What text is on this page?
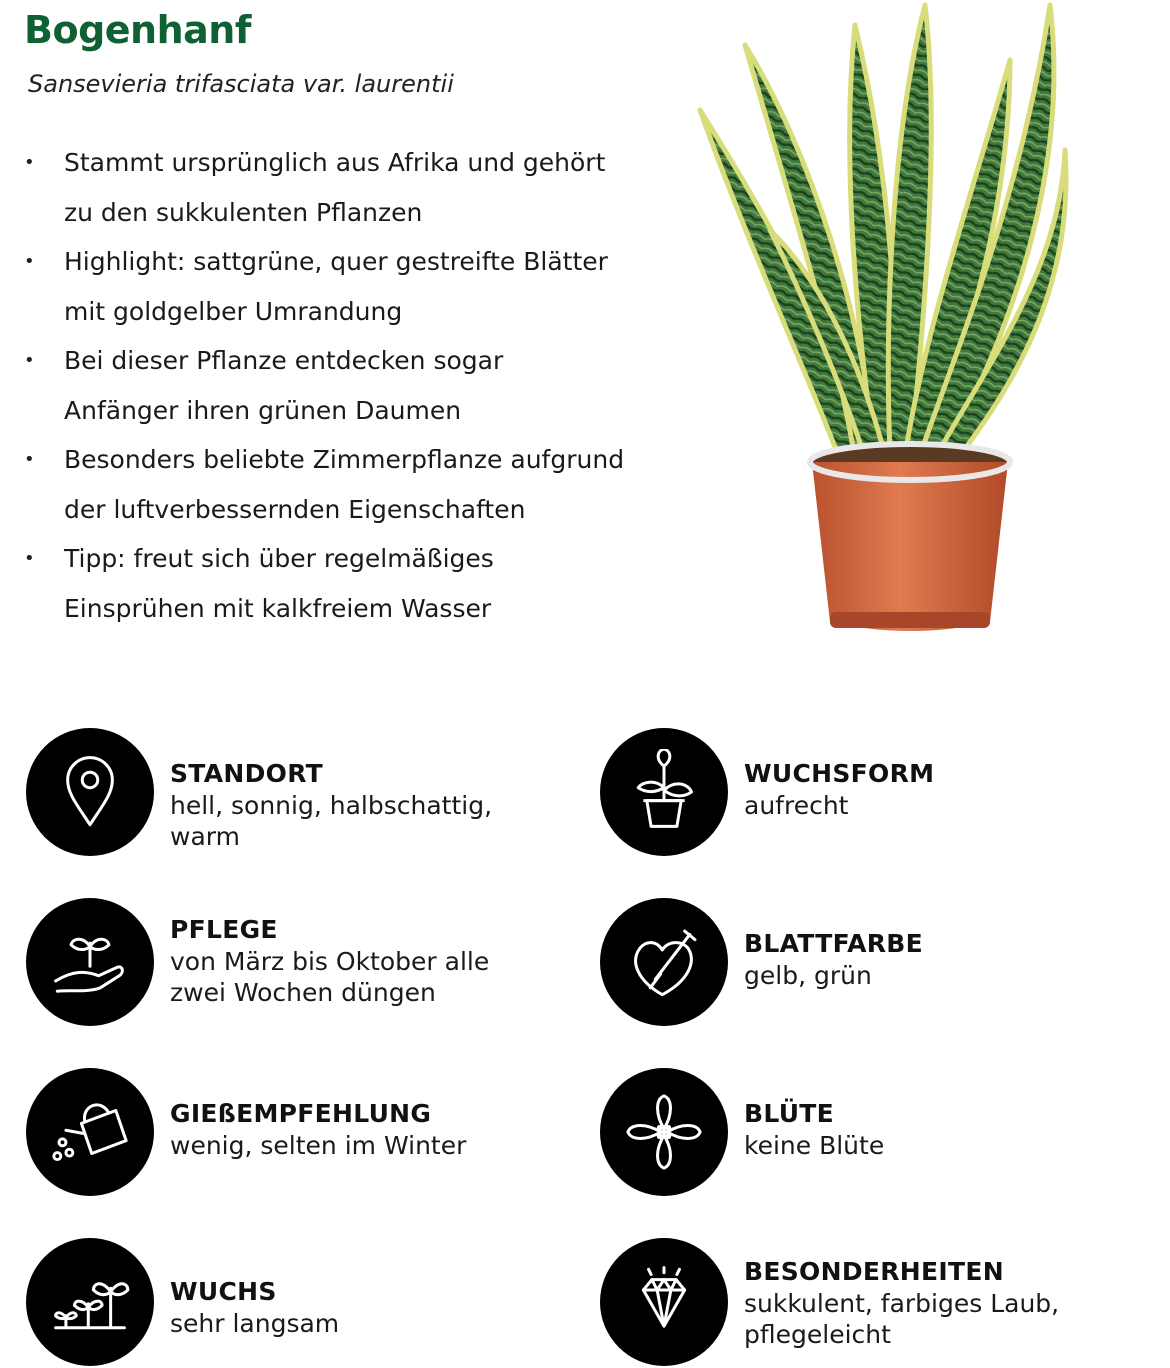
Bogenhanf

Sansevieria trifasciata var. laurentii

• Stammt ursprünglich aus Afrika und gehört
zu den sukkulenten Pflanzen
• Highlight: sattgrüne, quer gestreifte Blätter
mit goldgelber Umrandung
• Bei dieser Pflanze entdecken sogar
Anfänger ihren grünen Daumen
• Besonders beliebte Zimmerpflanze aufgrund
der luftverbessernden Eigenschaften
• Tipp: freut sich über regelmäßiges
Einsprühen mit kalkfreiem Wasser
STANDORT
hell, sonnig, halbschattig, warm
WUCHSFORM
aufrecht
PFLEGE
von März bis Oktober alle
zwei Wochen düngen
BLATTFARBE
gelb, grün
GIEßEMPFEHLUNG
wenig, selten im Winter
BLÜTE
keine Blüte
WUCHS
sehr langsam
BESONDERHEITEN
sukkulent, farbiges Laub,
pflegeleicht
